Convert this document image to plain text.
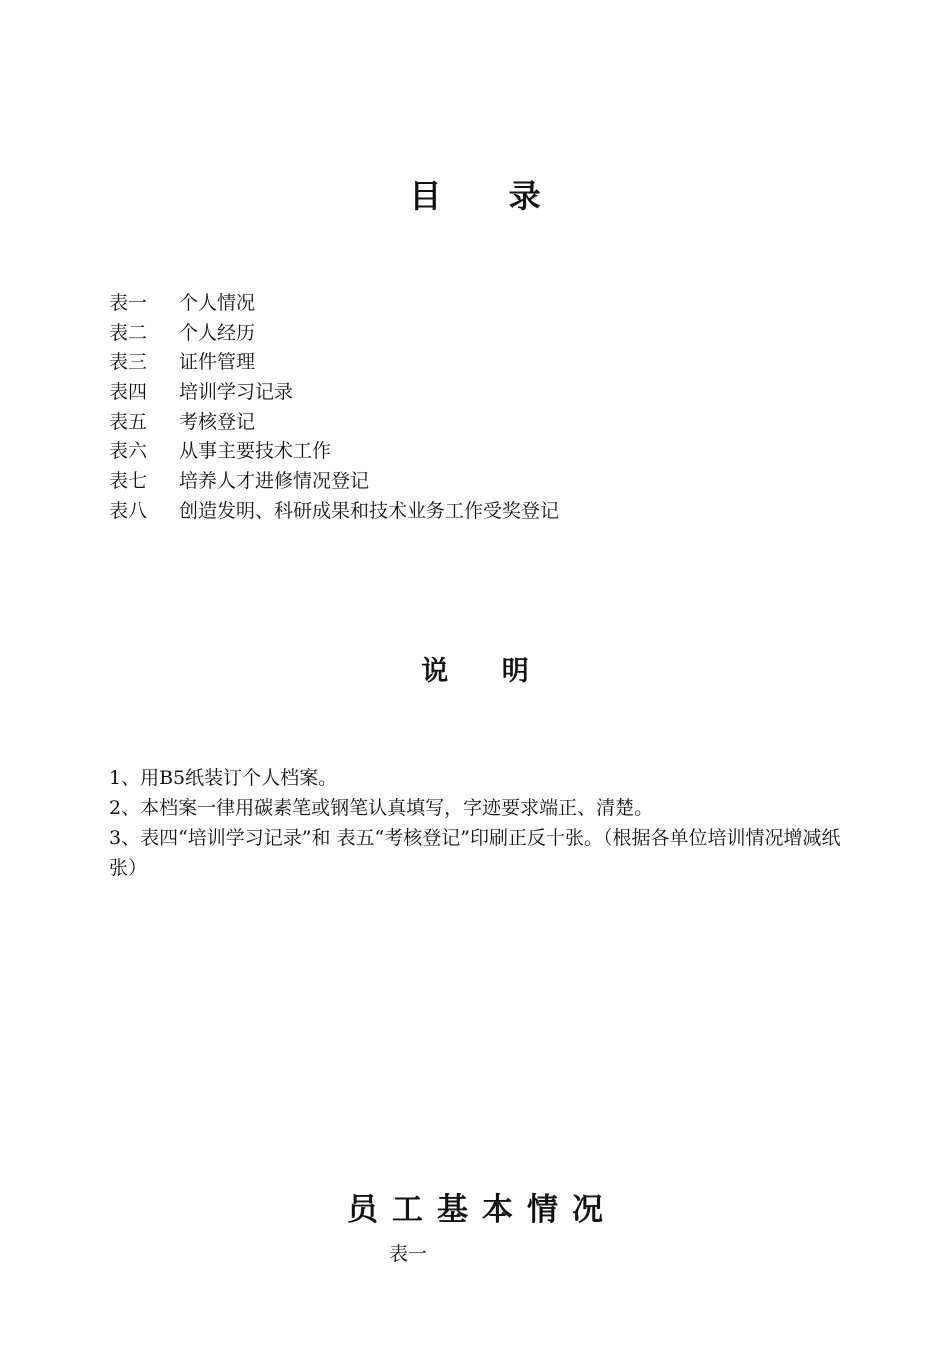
目 录
表一 个人情况
表二 个人经历
表三 证件管理
表四 培训学习记录
表五 考核登记
表六 从事主要技术工作
表七 培养人才进修情况登记
表八 创造发明、科研成果和技术业务工作受奖登记
说 明
1、用B5纸装订个人档案。
2、本档案一律用碳素笔或钢笔认真填写，字迹要求端正、清楚。
3、表四“培训学习记录”和 表五“考核登记”印刷正反十张。（根据各单位培训情况增减纸张）
员工基本情况
表一
